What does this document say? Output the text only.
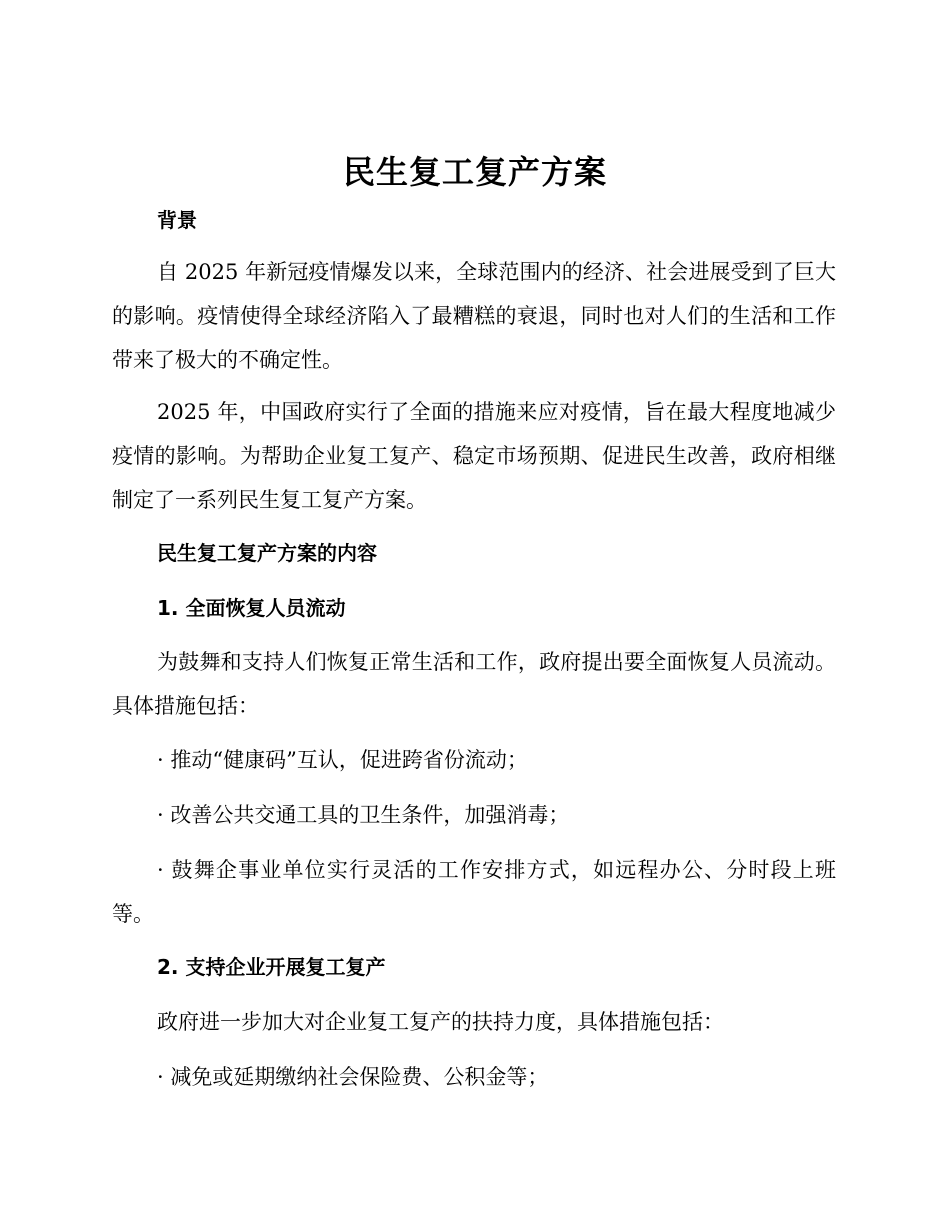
民生复工复产方案
背景

自 2025 年新冠疫情爆发以来，全球范围内的经济、社会进展受到了巨大的影响。疫情使得全球经济陷入了最糟糕的衰退，同时也对人们的生活和工作带来了极大的不确定性。

2025 年，中国政府实行了全面的措施来应对疫情，旨在最大程度地减少疫情的影响。为帮助企业复工复产、稳定市场预期、促进民生改善，政府相继制定了一系列民生复工复产方案。

民生复工复产方案的内容
1. 全面恢复人员流动

为鼓舞和支持人们恢复正常生活和工作，政府提出要全面恢复人员流动。具体措施包括：

· 推动“健康码”互认，促进跨省份流动；

· 改善公共交通工具的卫生条件，加强消毒；

· 鼓舞企事业单位实行灵活的工作安排方式，如远程办公、分时段上班等。

2. 支持企业开展复工复产

政府进一步加大对企业复工复产的扶持力度，具体措施包括：

· 减免或延期缴纳社会保险费、公积金等；
